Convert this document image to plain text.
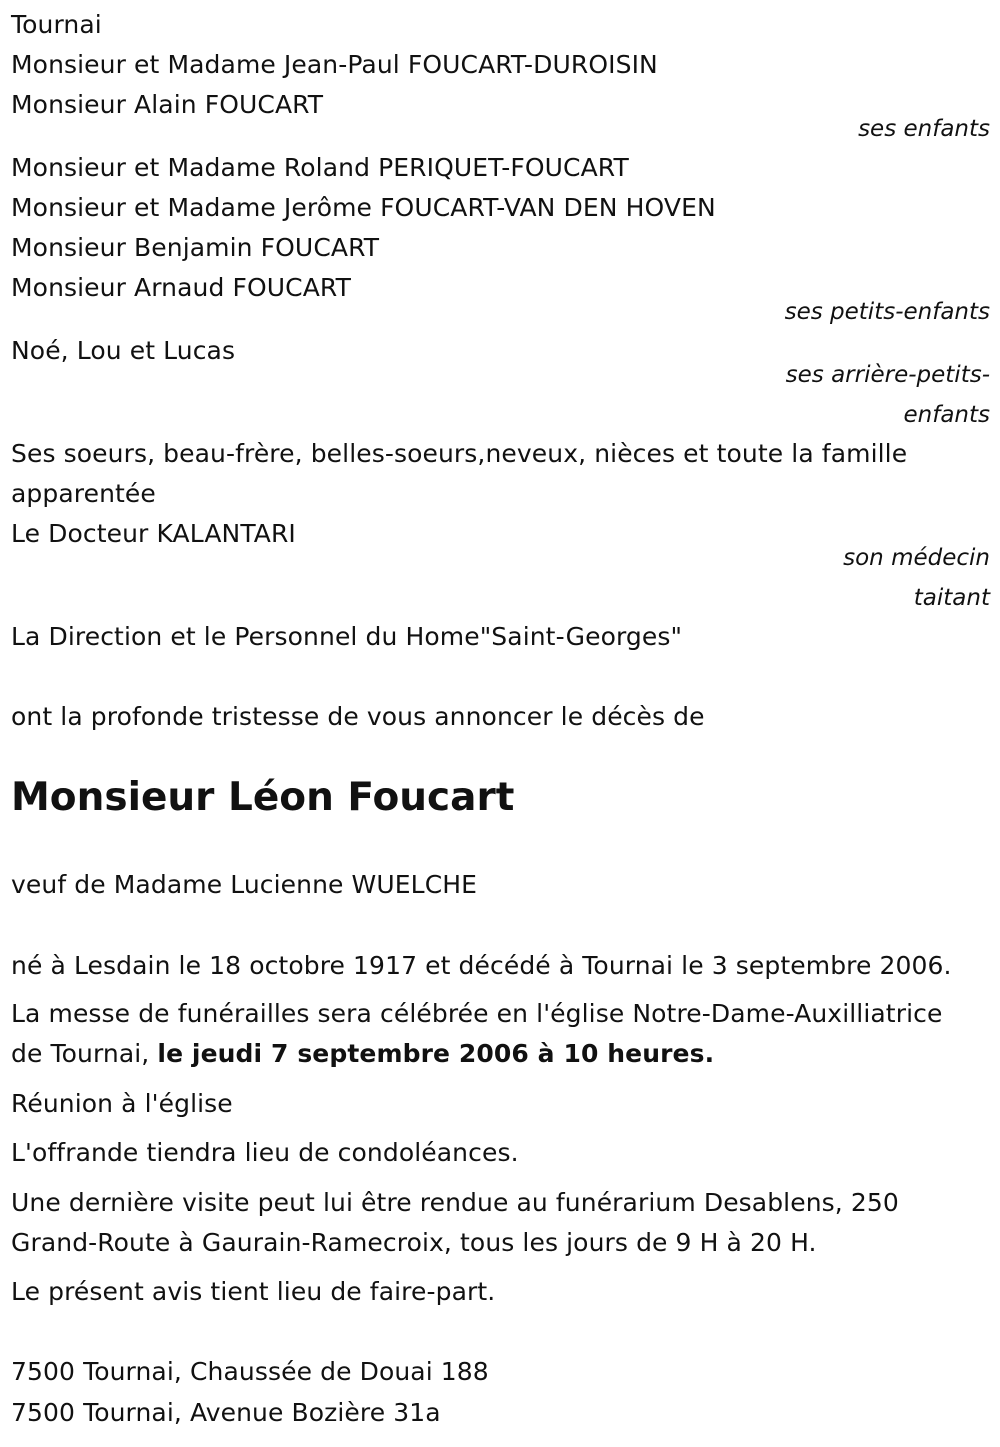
Tournai
Monsieur et Madame Jean-Paul FOUCART-DUROISIN
Monsieur Alain FOUCART
ses enfants
Monsieur et Madame Roland PERIQUET-FOUCART
Monsieur et Madame Jerôme FOUCART-VAN DEN HOVEN
Monsieur Benjamin FOUCART
Monsieur Arnaud FOUCART
ses petits-enfants
Noé, Lou et Lucas
ses arrière-petits-
enfants
Ses soeurs, beau-frère, belles-soeurs,neveux, nièces et toute la famille
apparentée
Le Docteur KALANTARI
son médecin
taitant
La Direction et le Personnel du Home"Saint-Georges"
ont la profonde tristesse de vous annoncer le décès de
Monsieur Léon Foucart
veuf de Madame Lucienne WUELCHE
né à Lesdain le 18 octobre 1917 et décédé à Tournai le 3 septembre 2006.
La messe de funérailles sera célébrée en l'église Notre-Dame-Auxilliatrice
de Tournai, le jeudi 7 septembre 2006 à 10 heures.
Réunion à l'église
L'offrande tiendra lieu de condoléances.
Une dernière visite peut lui être rendue au funérarium Desablens, 250
Grand-Route à Gaurain-Ramecroix, tous les jours de 9 H à 20 H.
Le présent avis tient lieu de faire-part.
7500 Tournai, Chaussée de Douai 188
7500 Tournai, Avenue Bozière 31a
